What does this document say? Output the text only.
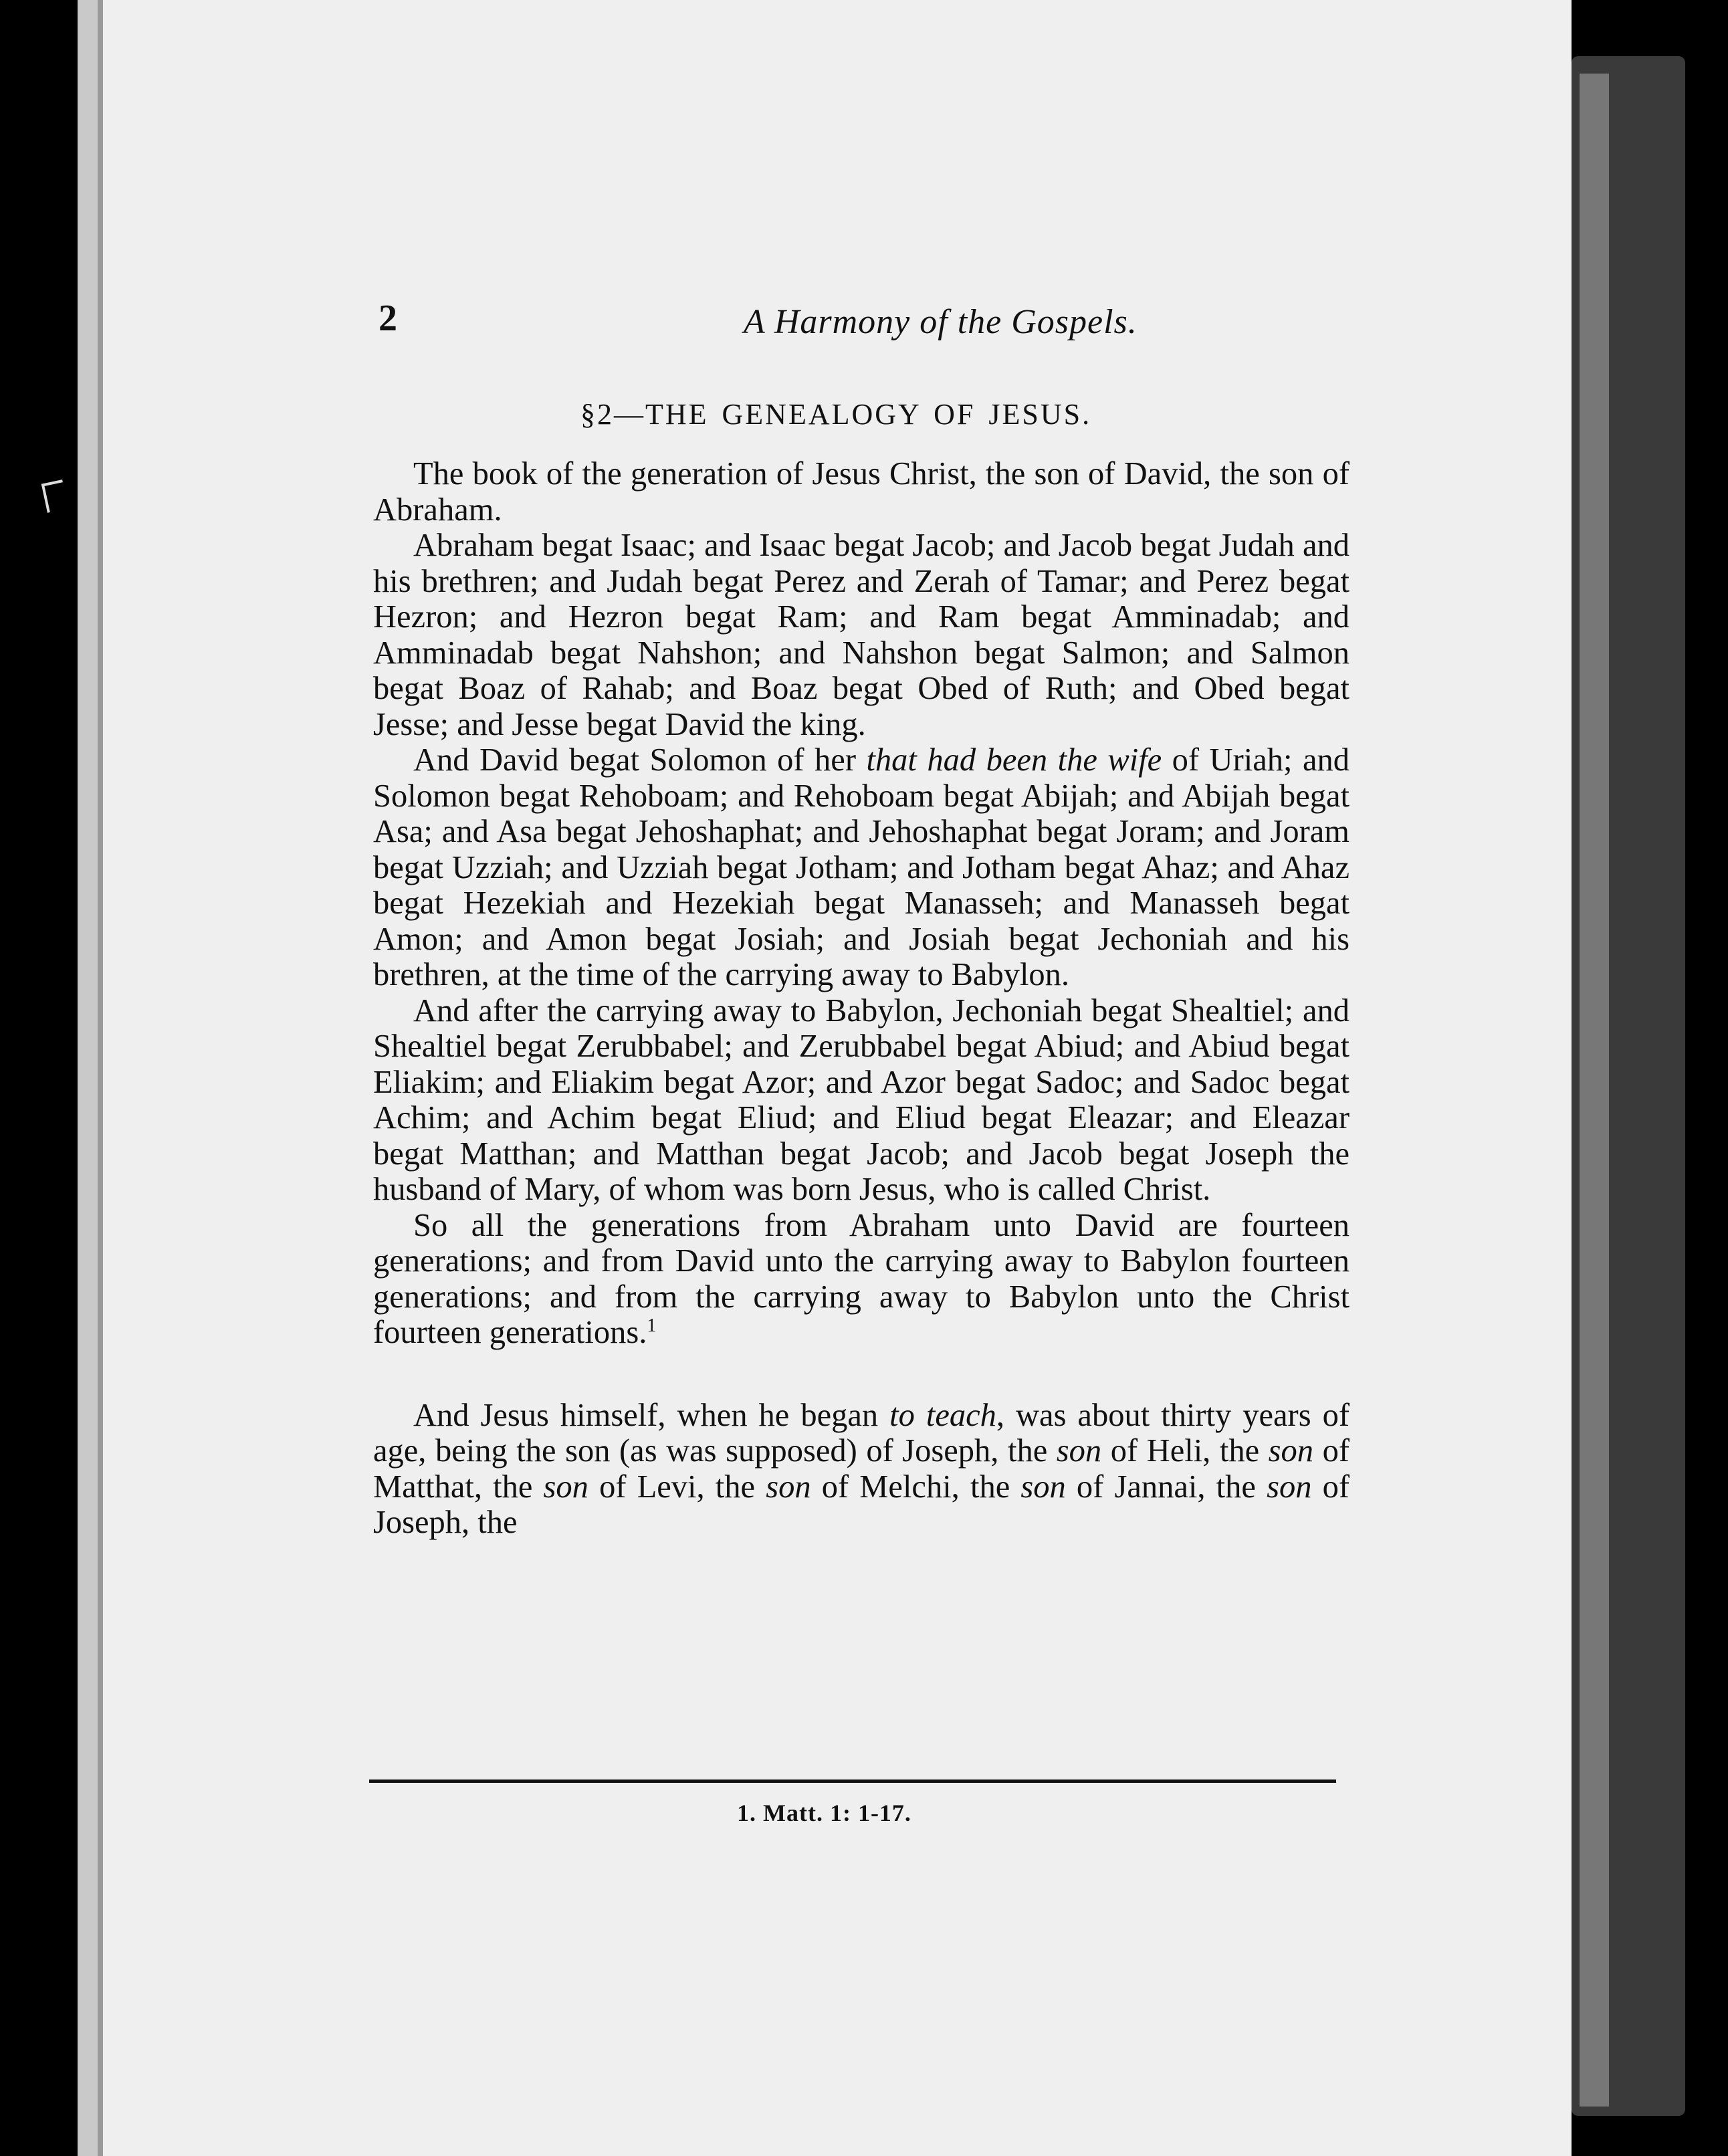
2	A Harmony of the Gospels.
§2—THE GENEALOGY OF JESUS.

The book of the generation of Jesus Christ, the son of David, the son of Abraham.

Abraham begat Isaac; and Isaac begat Jacob; and Jacob begat Judah and his brethren; and Judah begat Perez and Zerah of Tamar; and Perez begat Hezron; and Hezron begat Ram; and Ram begat Amminadab; and Amminadab begat Nahshon; and Nahshon begat Salmon; and Salmon begat Boaz of Rahab; and Boaz begat Obed of Ruth; and Obed begat Jesse; and Jesse begat David the king.

And David begat Solomon of her that had been the wife of Uriah; and Solomon begat Rehoboam; and Rehoboam begat Abijah; and Abijah begat Asa; and Asa begat Jehoshaphat; and Jehoshaphat begat Joram; and Joram begat Uzziah; and Uzziah begat Jotham; and Jotham begat Ahaz; and Ahaz begat Hezekiah and Hezekiah begat Manasseh; and Manasseh begat Amon; and Amon begat Josiah; and Josiah begat Jechoniah and his brethren, at the time of the carrying away to Babylon.

And after the carrying away to Babylon, Jechoniah begat Shealtiel; and Shealtiel begat Zerubbabel; and Zerubbabel begat Abiud; and Abiud begat Eliakim; and Eliakim begat Azor; and Azor begat Sadoc; and Sadoc begat Achim; and Achim begat Eliud; and Eliud begat Eleazar; and Eleazar begat Matthan; and Matthan begat Jacob; and Jacob begat Joseph the husband of Mary, of whom was born Jesus, who is called Christ.

So all the generations from Abraham unto David are fourteen generations; and from David unto the carrying away to Babylon fourteen generations; and from the carrying away to Babylon unto the Christ fourteen generations.$^1$

And Jesus himself, when he began to teach, was about thirty years of age, being the son (as was supposed) of Joseph, the son of Heli, the son of Matthat, the son of Levi, the son of Melchi, the son of Jannai, the son of Joseph, the

1. Matt. 1: 1-17.
